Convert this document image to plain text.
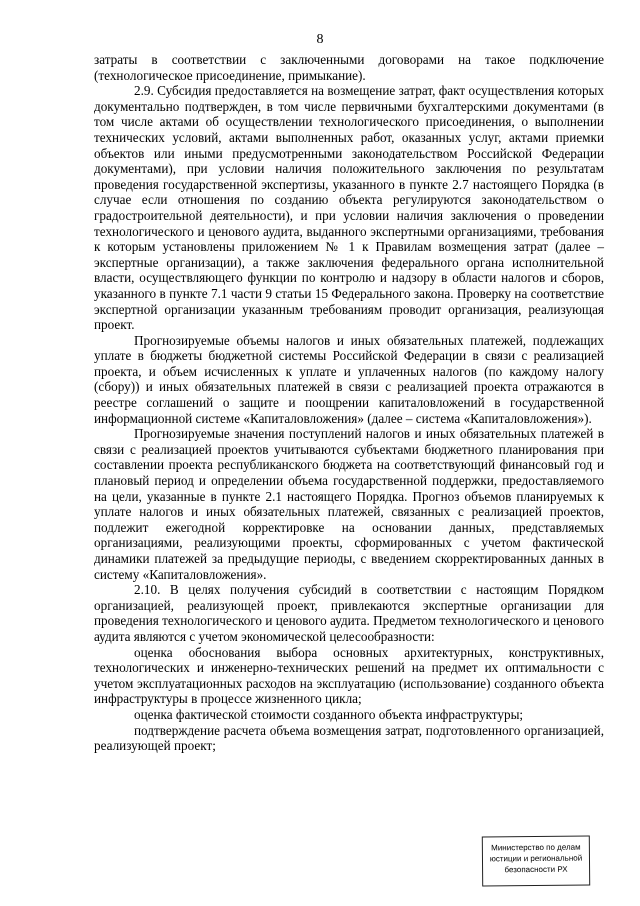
8

затраты в соответствии с заключенными договорами на такое подключение (технологическое присоединение, примыкание).

2.9. Субсидия предоставляется на возмещение затрат, факт осуществления которых документально подтвержден, в том числе первичными бухгалтерскими документами (в том числе актами об осуществлении технологического присоединения, о выполнении технических условий, актами выполненных работ, оказанных услуг, актами приемки объектов или иными предусмотренными законодательством Российской Федерации документами), при условии наличия положительного заключения по результатам проведения государственной экспертизы, указанного в пункте 2.7 настоящего Порядка (в случае если отношения по созданию объекта регулируются законодательством о градостроительной деятельности), и при условии наличия заключения о проведении технологического и ценового аудита, выданного экспертными организациями, требования к которым установлены приложением № 1 к Правилам возмещения затрат (далее – экспертные организации), а также заключения федерального органа исполнительной власти, осуществляющего функции по контролю и надзору в области налогов и сборов, указанного в пункте 7.1 части 9 статьи 15 Федерального закона. Проверку на соответствие экспертной организации указанным требованиям проводит организация, реализующая проект.

Прогнозируемые объемы налогов и иных обязательных платежей, подлежащих уплате в бюджеты бюджетной системы Российской Федерации в связи с реализацией проекта, и объем исчисленных к уплате и уплаченных налогов (по каждому налогу (сбору)) и иных обязательных платежей в связи с реализацией проекта отражаются в реестре соглашений о защите и поощрении капиталовложений в государственной информационной системе «Капиталовложения» (далее – система «Капиталовложения»).

Прогнозируемые значения поступлений налогов и иных обязательных платежей в связи с реализацией проектов учитываются субъектами бюджетного планирования при составлении проекта республиканского бюджета на соответствующий финансовый год и плановый период и определении объема государственной поддержки, предоставляемого на цели, указанные в пункте 2.1 настоящего Порядка. Прогноз объемов планируемых к уплате налогов и иных обязательных платежей, связанных с реализацией проектов, подлежит ежегодной корректировке на основании данных, представляемых организациями, реализующими проекты, сформированных с учетом фактической динамики платежей за предыдущие периоды, с введением скорректированных данных в систему «Капиталовложения».

2.10. В целях получения субсидий в соответствии с настоящим Порядком организацией, реализующей проект, привлекаются экспертные организации для проведения технологического и ценового аудита. Предметом технологического и ценового аудита являются с учетом экономической целесообразности:

оценка обоснования выбора основных архитектурных, конструктивных, технологических и инженерно-технических решений на предмет их оптимальности с учетом эксплуатационных расходов на эксплуатацию (использование) созданного объекта инфраструктуры в процессе жизненного цикла;

оценка фактической стоимости созданного объекта инфраструктуры;

подтверждение расчета объема возмещения затрат, подготовленного организацией, реализующей проект;

Министерство по делам
юстиции и региональной
безопасности РХ
